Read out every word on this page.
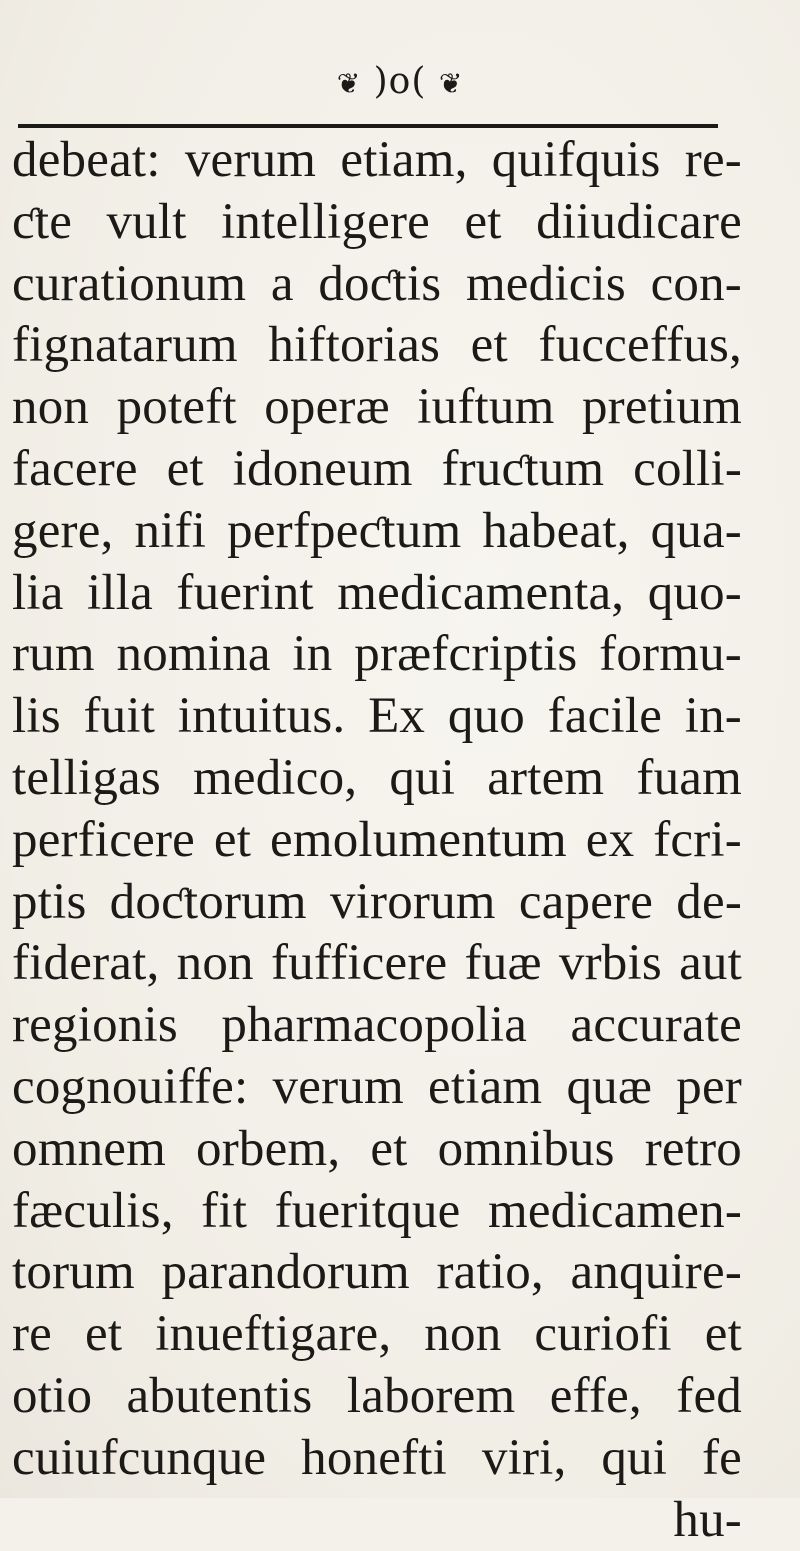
❦ )o( ❦
debeat: verum etiam, quifquis re-
ƈte vult intelligere et diiudicare
curationum a doƈtis medicis con-
fignatarum hiftorias et fucceffus,
non poteft operæ iuftum pretium
facere et idoneum fruƈtum colli-
gere, nifi perfpeƈtum habeat, qua-
lia illa fuerint medicamenta, quo-
rum nomina in præfcriptis formu-
lis fuit intuitus. Ex quo facile in-
telligas medico, qui artem fuam
perficere et emolumentum ex fcri-
ptis doƈtorum virorum capere de-
fiderat, non fufficere fuæ vrbis aut
regionis pharmacopolia accurate
cognouiffe: verum etiam quæ per
omnem orbem, et omnibus retro
fæculis, fit fueritque medicamen-
torum parandorum ratio, anquire-
re et inueftigare, non curiofi et
otio abutentis laborem effe, fed
cuiufcunque honefti viri, qui fe
hu-
